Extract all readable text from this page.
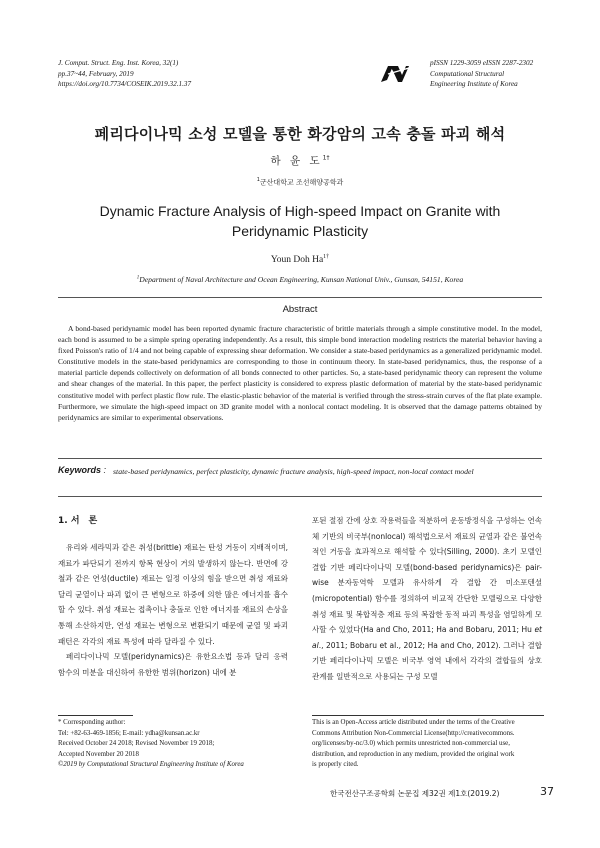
J. Comput. Struct. Eng. Inst. Korea, 32(1)
pp.37~44, February, 2019
https://doi.org/10.7734/COSEIK.2019.32.1.37
pISSN 1229-3059 eISSN 2287-2302
Computational Structural
Engineering Institute of Korea
페리다이나믹 소성 모델을 통한 화강암의 고속 충돌 파괴 해석
하 윤 도$^{1\dagger}$
$^1$군산대학교 조선해양공학과
Dynamic Fracture Analysis of High-speed Impact on Granite with
Peridynamic Plasticity
Youn Doh $Ha^{1\dagger}$
$^1$Department of Naval Architecture and Ocean Engineering, Kunsan National Univ., Gunsan, 54151, Korea
Abstract

A bond-based peridynamic model has been reported dynamic fracture characteristic of brittle materials through a simple constitutive model. In the model, each bond is assumed to be a simple spring operating independently. As a result, this simple bond interaction modeling restricts the material behavior having a fixed Poisson's ratio of 1/4 and not being capable of expressing shear deformation. We consider a state-based peridynamics as a generalized peridynamic model. Constitutive models in the state-based peridynamics are corresponding to those in continuum theory. In state-based peridynamics, thus, the response of a material particle depends collectively on deformation of all bonds connected to other particles. So, a state-based peridynamic theory can represent the volume and shear changes of the material. In this paper, the perfect plasticity is considered to express plastic deformation of material by the state-based peridynamic constitutive model with perfect plastic flow rule. The elastic-plastic behavior of the material is verified through the stress-strain curves of the flat plate example. Furthermore, we simulate the high-speed impact on 3D granite model with a nonlocal contact modeling. It is observed that the damage patterns obtained by peridynamics are similar to experimental observations.

Keywords : state-based peridynamics, perfect plasticity, dynamic fracture analysis, high-speed impact, non-local contact model
1. 서　론

유리와 세라믹과 같은 취성(brittle) 재료는 탄성 거동이 지배적이며, 재료가 파단되기 전까지 항복 현상이 거의 발생하지 않는다. 반면에 강철과 같은 연성(ductile) 재료는 일정 이상의 힘을 받으면 취성 재료와 달리 균열이나 파괴 없이 큰 변형으로 하중에 의한 많은 에너지를 흡수할 수 있다. 취성 재료는 접촉이나 충돌로 인한 에너지를 재료의 손상을 통해 소산하지만, 연성 재료는 변형으로 변환되기 때문에 균열 및 파괴 패턴은 각각의 재료 특성에 따라 달라질 수 있다.

페리다이나믹 모델(peridynamics)은 유한요소법 등과 달리 응력 함수의 미분을 대신하여 유한한 범위(horizon) 내에 분

포된 절점 간에 상호 작용력들을 적분하여 운동방정식을 구성하는 연속체 기반의 비국부(nonlocal) 해석법으로서 재료의 균열과 같은 불연속적인 거동을 효과적으로 해석할 수 있다(Silling, 2000). 초기 모델인 결합 기반 페리다이나믹 모델(bond-based peridynamics)은 pair-wise 분자동역학 모델과 유사하게 각 결합 간 미소포텐셜(micropotential) 함수를 정의하여 비교적 간단한 모델링으로 다양한 취성 재료 및 복합적층 재료 등의 복잡한 동적 파괴 특성을 염밀하게 모사할 수 있었다(Ha and Cho, 2011; Ha and Bobaru, 2011; Hu et al., 2011; Bobaru et al., 2012; Ha and Cho, 2012). 그러나 결합 기반 페리다이나믹 모델은 비국부 영역 내에서 각각의 결합들의 상호 관계를 일반적으로 사용되는 구성 모델

* Corresponding author:
Tel: +82-63-469-1856; E-mail: ydha@kunsan.ac.kr
Received October 24 2018; Revised November 19 2018;
Accepted November 20 2018
©2019 by Computational Structural Engineering Institute of Korea
This is an Open-Access article distributed under the terms of the Creative
Commons Attribution Non-Commercial License(http://creativecommons.
org/licenses/by-nc/3.0) which permits unrestricted non-commercial use,
distribution, and reproduction in any medium, provided the original work
is properly cited.
한국전산구조공학회 논문집 제32권 제1호(2019.2)	37
